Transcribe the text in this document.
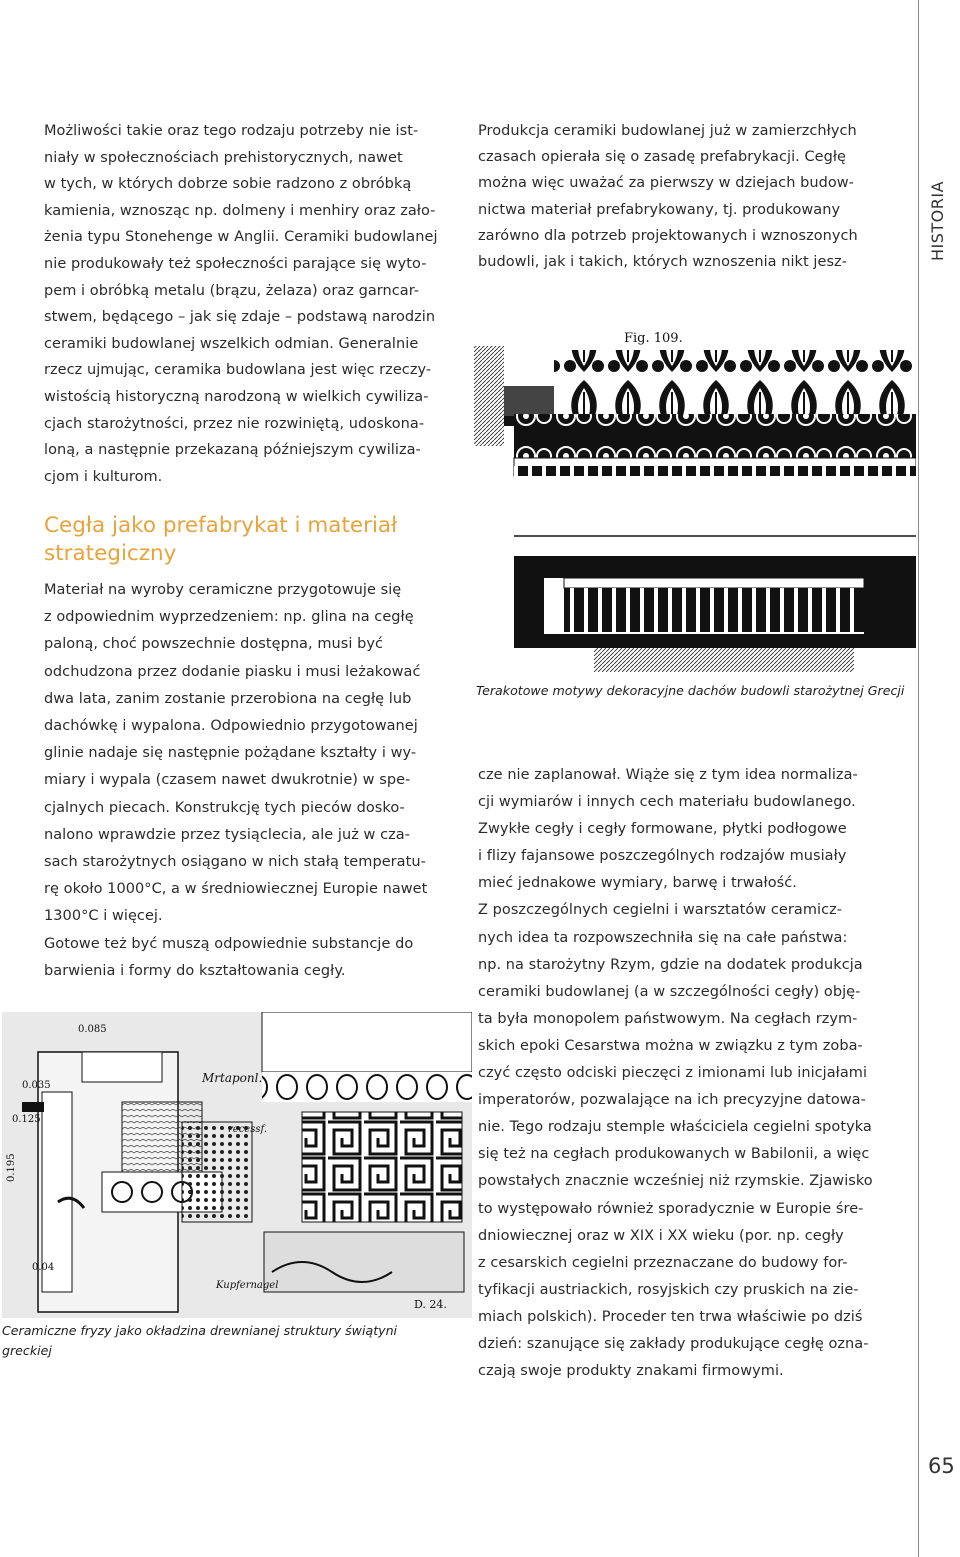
HISTORIA
65

Możliwości takie oraz tego rodzaju potrzeby nie ist-
niały w społecznościach prehistorycznych, nawet
w tych, w których dobrze sobie radzono z obróbką
kamienia, wznosząc np. dolmeny i menhiry oraz zało-
żenia typu Stonehenge w Anglii. Ceramiki budowlanej
nie produkowały też społeczności parające się wyto-
pem i obróbką metalu (brązu, żelaza) oraz garncar-
stwem, będącego – jak się zdaje – podstawą narodzin
ceramiki budowlanej wszelkich odmian. Generalnie
rzecz ujmując, ceramika budowlana jest więc rzeczy-
wistością historyczną narodzoną w wielkich cywiliza-
cjach starożytności, przez nie rozwiniętą, udoskona-
loną, a następnie przekazaną późniejszym cywiliza-
cjom i kulturom.

Cegła jako prefabrykat i materiał strategiczny

Materiał na wyroby ceramiczne przygotowuje się
z odpowiednim wyprzedzeniem: np. glina na cegłę
paloną, choć powszechnie dostępna, musi być
odchudzona przez dodanie piasku i musi leżakować
dwa lata, zanim zostanie przerobiona na cegłę lub
dachówkę i wypalona. Odpowiednio przygotowanej
glinie nadaje się następnie pożądane kształty i wy-
miary i wypala (czasem nawet dwukrotnie) w spe-
cjalnych piecach. Konstrukcję tych pieców dosko-
nalono wprawdzie przez tysiąclecia, ale już w cza-
sach starożytnych osiągano w nich stałą temperatu-
rę około 1000°C, a w średniowiecznej Europie nawet
1300°C i więcej.
Gotowe też być muszą odpowiednie substancje do
barwienia i formy do kształtowania cegły.

Produkcja ceramiki budowlanej już w zamierzchłych
czasach opierała się o zasadę prefabrykacji. Cegłę
można więc uważać za pierwszy w dziejach budow-
nictwa materiał prefabrykowany, tj. produkowany
zarówno dla potrzeb projektowanych i wznoszonych
budowli, jak i takich, których wznoszenia nikt jesz-

Fig. 109.

Terakotowe motywy dekoracyjne dachów budowli starożytnej Grecji

cze nie zaplanował. Wiąże się z tym idea normaliza-
cji wymiarów i innych cech materiału budowlanego.
Zwykłe cegły i cegły formowane, płytki podłogowe
i flizy fajansowe poszczególnych rodzajów musiały
mieć jednakowe wymiary, barwę i trwałość.
Z poszczególnych cegielni i warsztatów ceramicz-
nych idea ta rozpowszechniła się na całe państwa:
np. na starożytny Rzym, gdzie na dodatek produkcja
ceramiki budowlanej (a w szczególności cegły) obję-
ta była monopolem państwowym. Na cegłach rzym-
skich epoki Cesarstwa można w związku z tym zoba-
czyć często odciski pieczęci z imionami lub inicjałami
imperatorów, pozwalające na ich precyzyjne datowa-
nie. Tego rodzaju stemple właściciela cegielni spotyka
się też na cegłach produkowanych w Babilonii, a więc
powstałych znacznie wcześniej niż rzymskie. Zjawisko
to występowało również sporadycznie w Europie śre-
dniowiecznej oraz w XIX i XX wieku (por. np. cegły
z cesarskich cegielni przeznaczane do budowy for-
tyfikacji austriackich, rosyjskich czy pruskich na zie-
miach polskich). Proceder ten trwa właściwie po dziś
dzień: szanujące się zakłady produkujące cegłę ozna-
czają swoje produkty znakami firmowymi.

0.085
0.035
0.125
0.195
0.04
Mrtaponl.
recessf.
Kupfernagel
D. 24.

Ceramiczne fryzy jako okładzina drewnianej struktury świątyni greckiej
